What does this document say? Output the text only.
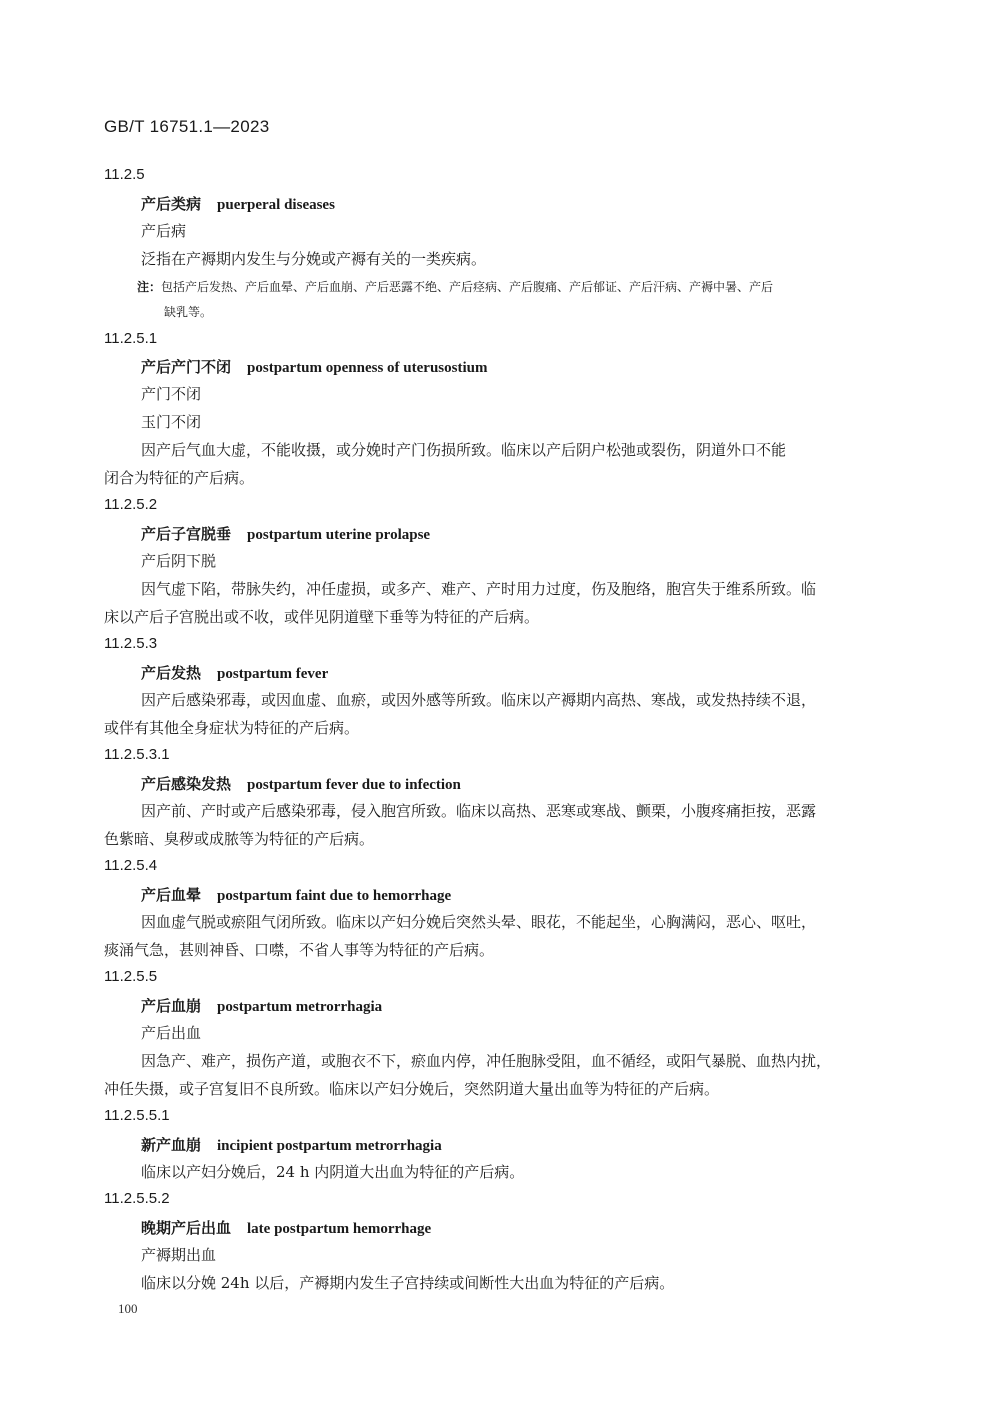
GB/T 16751.1—2023
11.2.5
产后类病 puerperal diseases
产后病
泛指在产褥期内发生与分娩或产褥有关的一类疾病。
注：包括产后发热、产后血晕、产后血崩、产后恶露不绝、产后痉病、产后腹痛、产后郁证、产后汗病、产褥中暑、产后
缺乳等。
11.2.5.1
产后产门不闭 postpartum openness of uterusostium
产门不闭
玉门不闭
因产后气血大虚，不能收摄，或分娩时产门伤损所致。临床以产后阴户松弛或裂伤，阴道外口不能
闭合为特征的产后病。
11.2.5.2
产后子宫脱垂 postpartum uterine prolapse
产后阴下脱
因气虚下陷，带脉失约，冲任虚损，或多产、难产、产时用力过度，伤及胞络，胞宫失于维系所致。临
床以产后子宫脱出或不收，或伴见阴道壁下垂等为特征的产后病。
11.2.5.3
产后发热 postpartum fever
因产后感染邪毒，或因血虚、血瘀，或因外感等所致。临床以产褥期内高热、寒战，或发热持续不退，
或伴有其他全身症状为特征的产后病。
11.2.5.3.1
产后感染发热 postpartum fever due to infection
因产前、产时或产后感染邪毒，侵入胞宫所致。临床以高热、恶寒或寒战、颤栗，小腹疼痛拒按，恶露
色紫暗、臭秽或成脓等为特征的产后病。
11.2.5.4
产后血晕 postpartum faint due to hemorrhage
因血虚气脱或瘀阻气闭所致。临床以产妇分娩后突然头晕、眼花，不能起坐，心胸满闷，恶心、呕吐，
痰涌气急，甚则神昏、口噤，不省人事等为特征的产后病。
11.2.5.5
产后血崩 postpartum metrorrhagia
产后出血
因急产、难产，损伤产道，或胞衣不下，瘀血内停，冲任胞脉受阻，血不循经，或阳气暴脱、血热内扰，
冲任失摄，或子宫复旧不良所致。临床以产妇分娩后，突然阴道大量出血等为特征的产后病。
11.2.5.5.1
新产血崩 incipient postpartum metrorrhagia
临床以产妇分娩后，24 h 内阴道大出血为特征的产后病。
11.2.5.5.2
晚期产后出血 late postpartum hemorrhage
产褥期出血
临床以分娩 24h 以后，产褥期内发生子宫持续或间断性大出血为特征的产后病。
100
